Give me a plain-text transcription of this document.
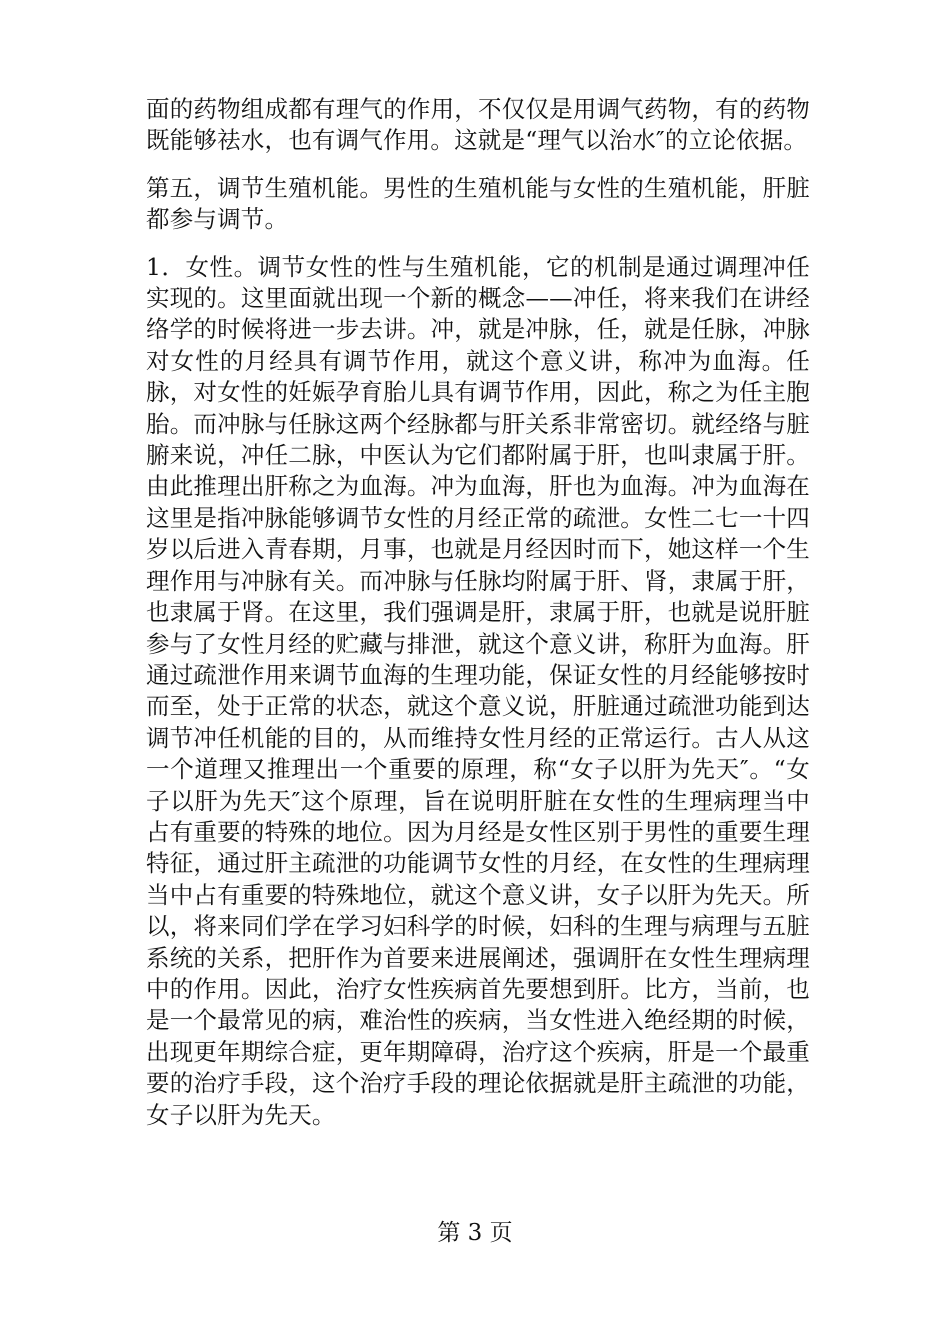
面的药物组成都有理气的作用，不仅仅是用调气药物，有的药物既能够祛水，也有调气作用。这就是“理气以治水″的立论依据。

第五，调节生殖机能。男性的生殖机能与女性的生殖机能，肝脏都参与调节。

1．女性。调节女性的性与生殖机能，它的机制是通过调理冲任实现的。这里面就出现一个新的概念——冲任，将来我们在讲经络学的时候将进一步去讲。冲，就是冲脉，任，就是任脉，冲脉对女性的月经具有调节作用，就这个意义讲，称冲为血海。任脉，对女性的妊娠孕育胎儿具有调节作用，因此，称之为任主胞胎。而冲脉与任脉这两个经脉都与肝关系非常密切。就经络与脏腑来说，冲任二脉，中医认为它们都附属于肝，也叫隶属于肝。由此推理出肝称之为血海。冲为血海，肝也为血海。冲为血海在这里是指冲脉能够调节女性的月经正常的疏泄。女性二七一十四岁以后进入青春期，月事，也就是月经因时而下，她这样一个生理作用与冲脉有关。而冲脉与任脉均附属于肝、肾，隶属于肝，也隶属于肾。在这里，我们强调是肝，隶属于肝，也就是说肝脏参与了女性月经的贮藏与排泄，就这个意义讲，称肝为血海。肝通过疏泄作用来调节血海的生理功能，保证女性的月经能够按时而至，处于正常的状态，就这个意义说，肝脏通过疏泄功能到达调节冲任机能的目的，从而维持女性月经的正常运行。古人从这一个道理又推理出一个重要的原理，称“女子以肝为先天″。“女子以肝为先天″这个原理，旨在说明肝脏在女性的生理病理当中占有重要的特殊的地位。因为月经是女性区别于男性的重要生理特征，通过肝主疏泄的功能调节女性的月经，在女性的生理病理当中占有重要的特殊地位，就这个意义讲，女子以肝为先天。所以，将来同们学在学习妇科学的时候，妇科的生理与病理与五脏系统的关系，把肝作为首要来进展阐述，强调肝在女性生理病理中的作用。因此，治疗女性疾病首先要想到肝。比方，当前，也是一个最常见的病，难治性的疾病，当女性进入绝经期的时候，出现更年期综合症，更年期障碍，治疗这个疾病，肝是一个最重要的治疗手段，这个治疗手段的理论依据就是肝主疏泄的功能，女子以肝为先天。

第 3 页
